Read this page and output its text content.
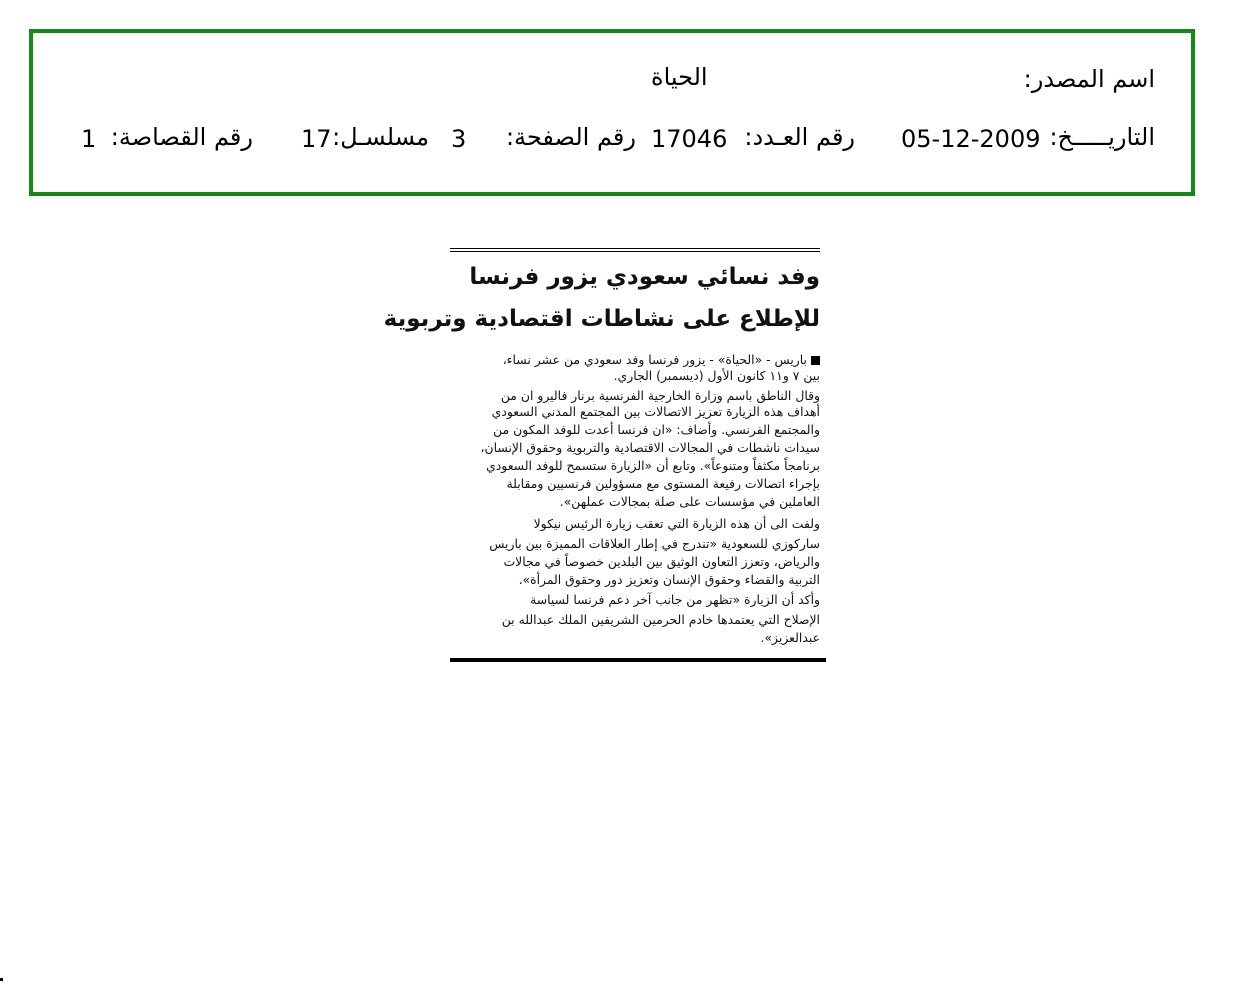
اسم المصدر:
الحياة
التاريـــــخ:
05-12-2009
رقم العـدد:
17046
رقم الصفحة:
3
مسلسـل:
17
رقم القصاصة:
1
وفد نسائي سعودي يزور فرنسا
للإطلاع على نشاطات اقتصادية وتربوية
باريس - «الحياة» - يزور فرنسا وفد سعودي من عشر نساء،
بين ٧ و١١ كانون الأول (ديسمبر) الجاري.
وقال الناطق باسم وزارة الخارجية الفرنسية برنار فاليرو ان من
أهداف هذه الزيارة تعزيز الاتصالات بين المجتمع المدني السعودي
والمجتمع الفرنسي. وأضاف: «ان فرنسا أعدت للوفد المكون من
سيدات ناشطات في المجالات الاقتصادية والتربوية وحقوق الإنسان،
برنامجاً مكثفاً ومتنوعاً». وتابع أن «الزيارة ستسمح للوفد السعودي
بإجراء اتصالات رفيعة المستوى مع مسؤولين فرنسيين ومقابلة
العاملين في مؤسسات على صلة بمجالات عملهن».
ولفت الى أن هذه الزيارة التي تعقب زيارة الرئيس نيكولا
ساركوزي للسعودية «تندرج في إطار العلاقات المميزة بين باريس
والرياض، وتعزز التعاون الوثيق بين البلدين خصوصاً في مجالات
التربية والقضاء وحقوق الإنسان وتعزيز دور وحقوق المرأة».
وأكد أن الزيارة «تظهر من جانب آخر دعم فرنسا لسياسة
الإصلاح التي يعتمدها خادم الحرمين الشريفين الملك عبدالله بن
عبدالعزيز».
